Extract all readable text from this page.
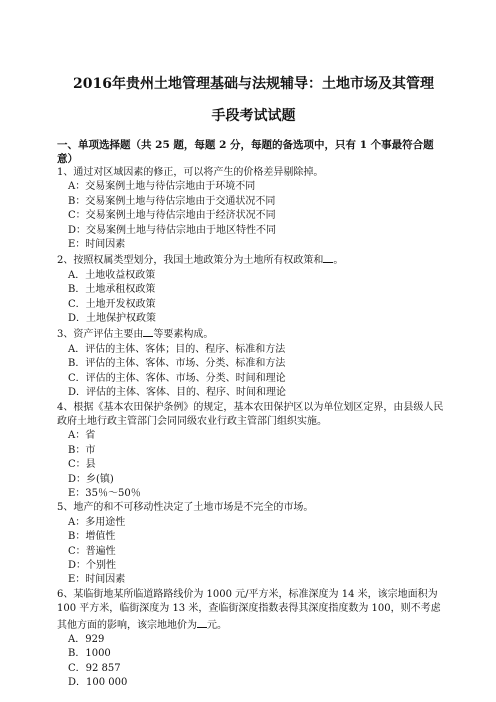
2016年贵州土地管理基础与法规辅导：土地市场及其管理
手段考试试题
一、单项选择题（共 25 题，每题 2 分，每题的备选项中，只有 1 个事最符合题意）
1、通过对区域因素的修正，可以将产生的价格差异剔除掉。
A：交易案例土地与待估宗地由于环境不同
B：交易案例土地与待估宗地由于交通状况不同
C：交易案例土地与待估宗地由于经济状况不同
D：交易案例土地与待估宗地由于地区特性不同
E：时间因素
2、按照权属类型划分，我国土地政策分为土地所有权政策和 。
A．土地收益权政策
B．土地承租权政策
C．土地开发权政策
D．土地保护权政策
3、资产评估主要由 等要素构成。
A．评估的主体、客体；目的、程序、标准和方法
B．评估的主体、客体、市场、分类、标准和方法
C．评估的主体、客体、市场、分类、时间和理论
D．评估的主体、客体、目的、程序、时间和理论
4、根据《基本农田保护条例》的规定，基本农田保护区以为单位划区定界，由县级人民政府土地行政主管部门会同同级农业行政主管部门组织实施。
A：省
B：市
C：县
D：乡(镇)
E：35％～50％
5、地产的和不可移动性决定了土地市场是不完全的市场。
A：多用途性
B：增值性
C：普遍性
D：个别性
E：时间因素
6、某临街地某所临道路路线价为 1000 元/平方米，标准深度为 14 米，该宗地面积为 100 平方米，临街深度为 13 米，查临街深度指数表得其深度指度数为 100，则不考虑其他方面的影响，该宗地地价为 元。
A．929
B．1000
C．92 857
D．100 000
